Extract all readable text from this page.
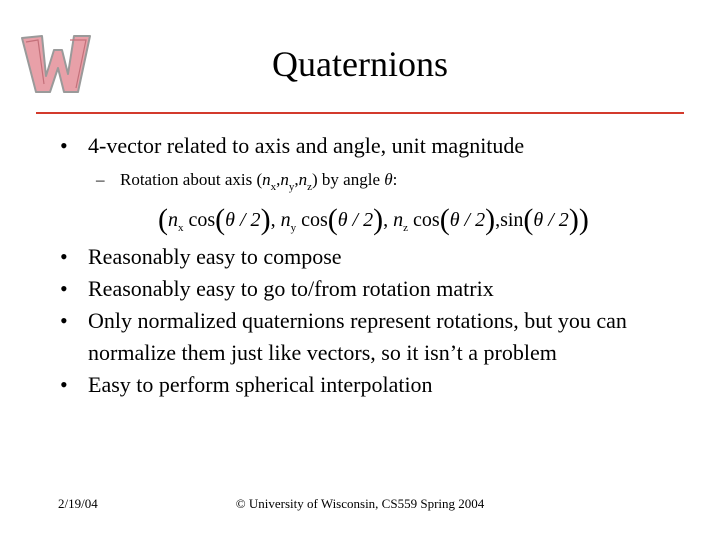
Quaternions
• 4-vector related to axis and angle, unit magnitude
– Rotation about axis $(n_x,n_y,n_z)$ by angle θ:
($n_x$ cos(θ / 2), $n_y$ cos(θ / 2), $n_z$ cos(θ / 2),sin(θ / 2))
• Reasonably easy to compose
• Reasonably easy to go to/from rotation matrix
• Only normalized quaternions represent rotations, but you can normalize them just like vectors, so it isn’t a problem
• Easy to perform spherical interpolation
2/19/04	© University of Wisconsin, CS559 Spring 2004
